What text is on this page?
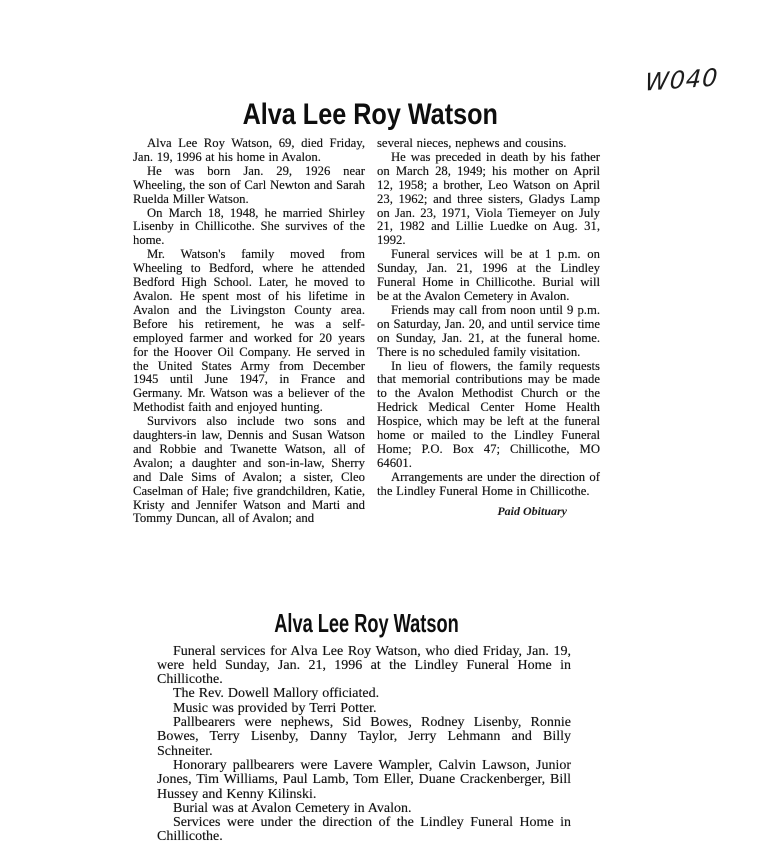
W040
Alva Lee Roy Watson

Alva Lee Roy Watson, 69, died Friday, Jan. 19, 1996 at his home in Avalon.

He was born Jan. 29, 1926 near Wheeling, the son of Carl Newton and Sarah Ruelda Miller Watson.

On March 18, 1948, he married Shirley Lisenby in Chillicothe. She survives of the home.

Mr. Watson's family moved from Wheeling to Bedford, where he attended Bedford High School. Later, he moved to Avalon. He spent most of his lifetime in Avalon and the Livingston County area. Before his retirement, he was a self-employed farmer and worked for 20 years for the Hoover Oil Company. He served in the United States Army from December 1945 until June 1947, in France and Germany. Mr. Watson was a believer of the Methodist faith and enjoyed hunting.

Survivors also include two sons and daughters-in law, Dennis and Susan Watson and Robbie and Twanette Watson, all of Avalon; a daughter and son-in-law, Sherry and Dale Sims of Avalon; a sister, Cleo Caselman of Hale; five grandchildren, Katie, Kristy and Jennifer Watson and Marti and Tommy Duncan, all of Avalon; and

several nieces, nephews and cousins.

He was preceded in death by his father on March 28, 1949; his mother on April 12, 1958; a brother, Leo Watson on April 23, 1962; and three sisters, Gladys Lamp on Jan. 23, 1971, Viola Tiemeyer on July 21, 1982 and Lillie Luedke on Aug. 31, 1992.

Funeral services will be at 1 p.m. on Sunday, Jan. 21, 1996 at the Lindley Funeral Home in Chillicothe. Burial will be at the Avalon Cemetery in Avalon.

Friends may call from noon until 9 p.m. on Saturday, Jan. 20, and until service time on Sunday, Jan. 21, at the funeral home. There is no scheduled family visitation.

In lieu of flowers, the family requests that memorial contributions may be made to the Avalon Methodist Church or the Hedrick Medical Center Home Health Hospice, which may be left at the funeral home or mailed to the Lindley Funeral Home; P.O. Box 47; Chillicothe, MO 64601.

Arrangements are under the direction of the Lindley Funeral Home in Chillicothe.

Paid Obituary
Alva Lee Roy Watson

Funeral services for Alva Lee Roy Watson, who died Friday, Jan. 19, were held Sunday, Jan. 21, 1996 at the Lindley Funeral Home in Chillicothe.

The Rev. Dowell Mallory officiated.

Music was provided by Terri Potter.

Pallbearers were nephews, Sid Bowes, Rodney Lisenby, Ronnie Bowes, Terry Lisenby, Danny Taylor, Jerry Lehmann and Billy Schneiter.

Honorary pallbearers were Lavere Wampler, Calvin Lawson, Junior Jones, Tim Williams, Paul Lamb, Tom Eller, Duane Crackenberger, Bill Hussey and Kenny Kilinski.

Burial was at Avalon Cemetery in Avalon.

Services were under the direction of the Lindley Funeral Home in Chillicothe.
